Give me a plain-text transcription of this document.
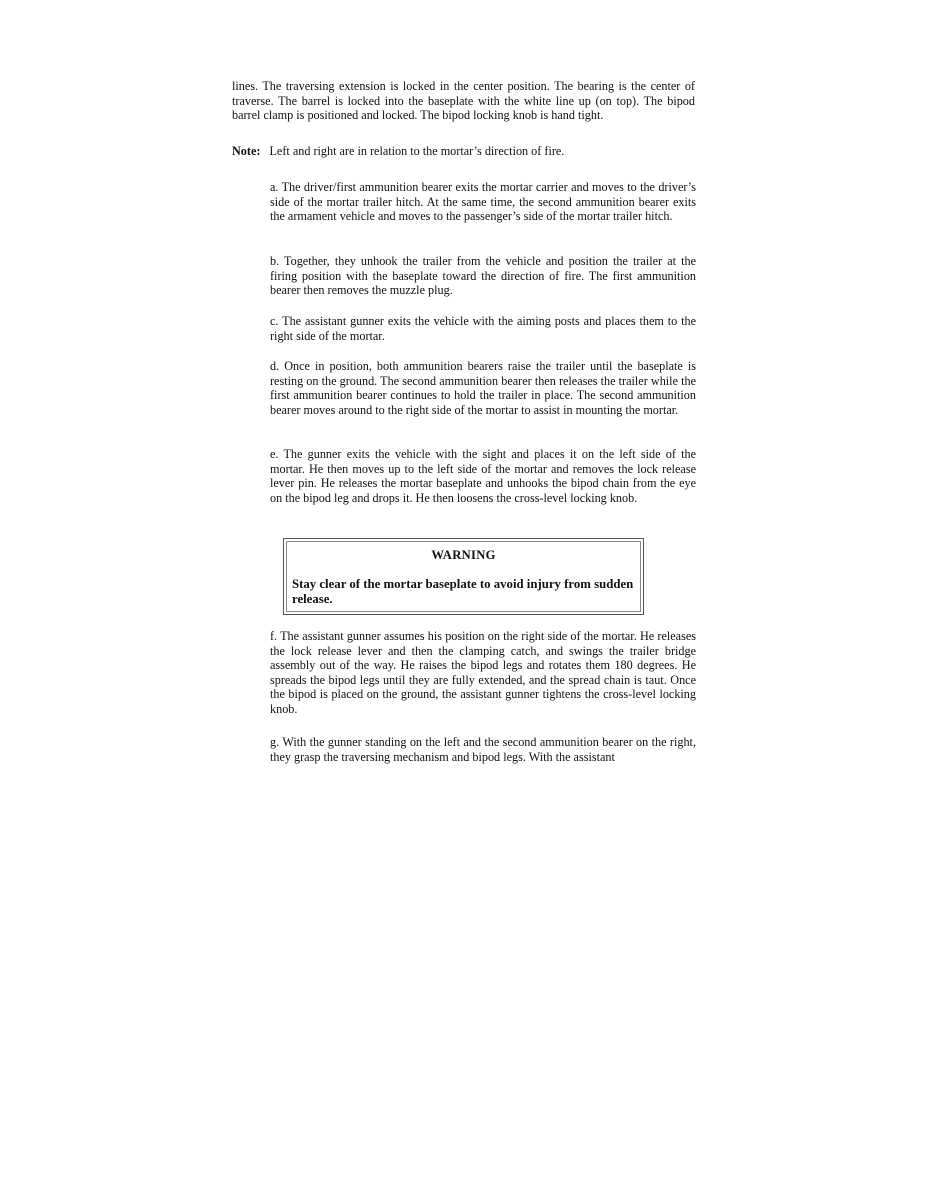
lines. The traversing extension is locked in the center position. The bearing is the center of traverse. The barrel is locked into the baseplate with the white line up (on top). The bipod barrel clamp is positioned and locked. The bipod locking knob is hand tight.
Note: Left and right are in relation to the mortar’s direction of fire.
a. The driver/first ammunition bearer exits the mortar carrier and moves to the driver’s side of the mortar trailer hitch. At the same time, the second ammunition bearer exits the armament vehicle and moves to the passenger’s side of the mortar trailer hitch.
b. Together, they unhook the trailer from the vehicle and position the trailer at the firing position with the baseplate toward the direction of fire. The first ammunition bearer then removes the muzzle plug.
c. The assistant gunner exits the vehicle with the aiming posts and places them to the right side of the mortar.
d. Once in position, both ammunition bearers raise the trailer until the baseplate is resting on the ground. The second ammunition bearer then releases the trailer while the first ammunition bearer continues to hold the trailer in place. The second ammunition bearer moves around to the right side of the mortar to assist in mounting the mortar.
e. The gunner exits the vehicle with the sight and places it on the left side of the mortar. He then moves up to the left side of the mortar and removes the lock release lever pin. He releases the mortar baseplate and unhooks the bipod chain from the eye on the bipod leg and drops it. He then loosens the cross-level locking knob.
WARNING
Stay clear of the mortar baseplate to avoid injury from sudden release.
f. The assistant gunner assumes his position on the right side of the mortar. He releases the lock release lever and then the clamping catch, and swings the trailer bridge assembly out of the way. He raises the bipod legs and rotates them 180 degrees. He spreads the bipod legs until they are fully extended, and the spread chain is taut. Once the bipod is placed on the ground, the assistant gunner tightens the cross-level locking knob.
g. With the gunner standing on the left and the second ammunition bearer on the right, they grasp the traversing mechanism and bipod legs. With the assistant
